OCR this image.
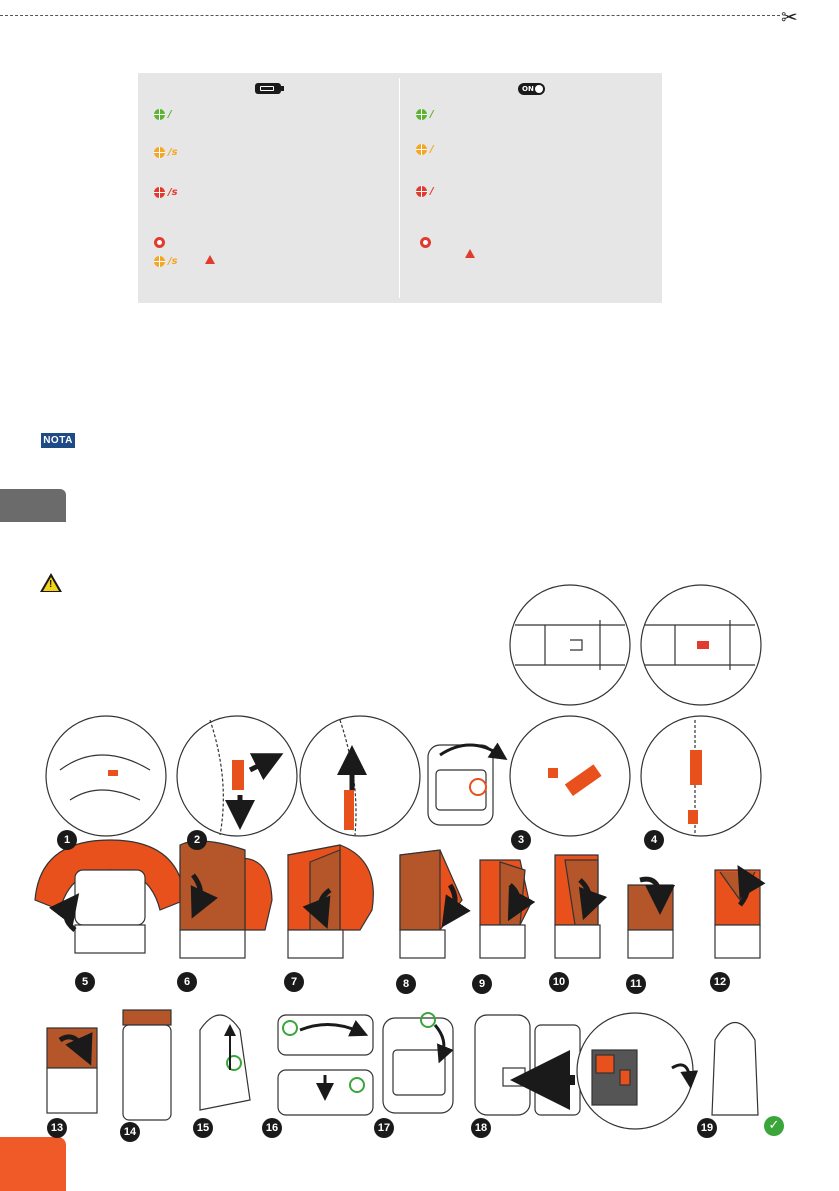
✂
ON
/
/s
/s
/s
/
/
/
NOTA
!
1	2	3	4
5	6	7	8	9	10	11	12
13	14	15	16	17	18	19	✓
